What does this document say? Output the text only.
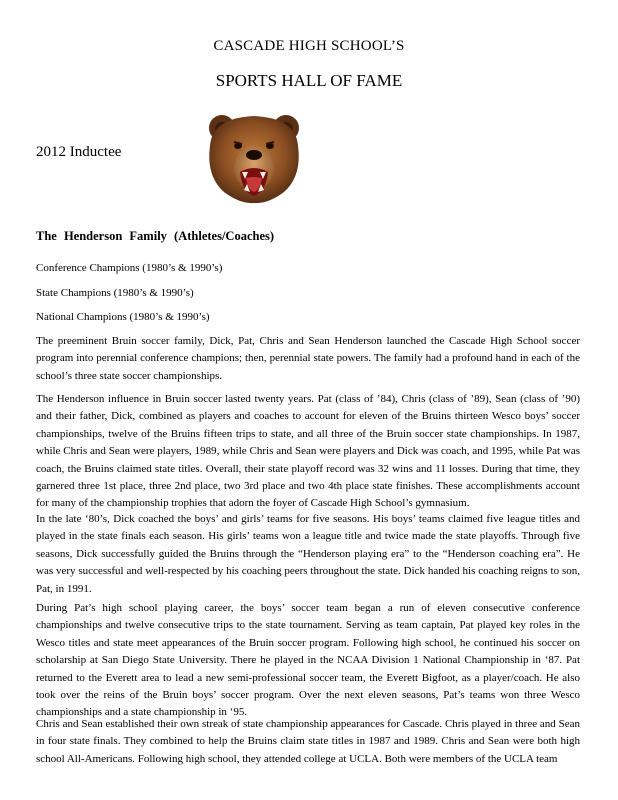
CASCADE HIGH SCHOOL’S
SPORTS HALL OF FAME
2012 Inductee
The Henderson Family (Athletes/Coaches)
Conference Champions (1980’s & 1990’s)
State Champions (1980’s & 1990’s)
National Champions (1980’s & 1990’s)

The preeminent Bruin soccer family, Dick, Pat, Chris and Sean Henderson launched the Cascade High School soccer program into perennial conference champions; then, perennial state powers. The family had a profound hand in each of the school’s three state soccer championships.

The Henderson influence in Bruin soccer lasted twenty years. Pat (class of ’84), Chris (class of ’89), Sean (class of ’90) and their father, Dick, combined as players and coaches to account for eleven of the Bruins thirteen Wesco boys’ soccer championships, twelve of the Bruins fifteen trips to state, and all three of the Bruin soccer state championships. In 1987, while Chris and Sean were players, 1989, while Chris and Sean were players and Dick was coach, and 1995, while Pat was coach, the Bruins claimed state titles. Overall, their state playoff record was 32 wins and 11 losses. During that time, they garnered three 1st place, three 2nd place, two 3rd place and two 4th place state finishes. These accomplishments account for many of the championship trophies that adorn the foyer of Cascade High School’s gymnasium.

In the late ‘80’s, Dick coached the boys’ and girls’ teams for five seasons. His boys’ teams claimed five league titles and played in the state finals each season. His girls’ teams won a league title and twice made the state playoffs. Through five seasons, Dick successfully guided the Bruins through the “Henderson playing era” to the “Henderson coaching era”. He was very successful and well-respected by his coaching peers throughout the state. Dick handed his coaching reigns to son, Pat, in 1991.

During Pat’s high school playing career, the boys’ soccer team began a run of eleven consecutive conference championships and twelve consecutive trips to the state tournament. Serving as team captain, Pat played key roles in the Wesco titles and state meet appearances of the Bruin soccer program. Following high school, he continued his soccer on scholarship at San Diego State University. There he played in the NCAA Division 1 National Championship in ‘87. Pat returned to the Everett area to lead a new semi-professional soccer team, the Everett Bigfoot, as a player/coach. He also took over the reins of the Bruin boys’ soccer program. Over the next eleven seasons, Pat’s teams won three Wesco championships and a state championship in ‘95.

Chris and Sean established their own streak of state championship appearances for Cascade. Chris played in three and Sean in four state finals. They combined to help the Bruins claim state titles in 1987 and 1989. Chris and Sean were both high school All-Americans. Following high school, they attended college at UCLA. Both were members of the UCLA team
